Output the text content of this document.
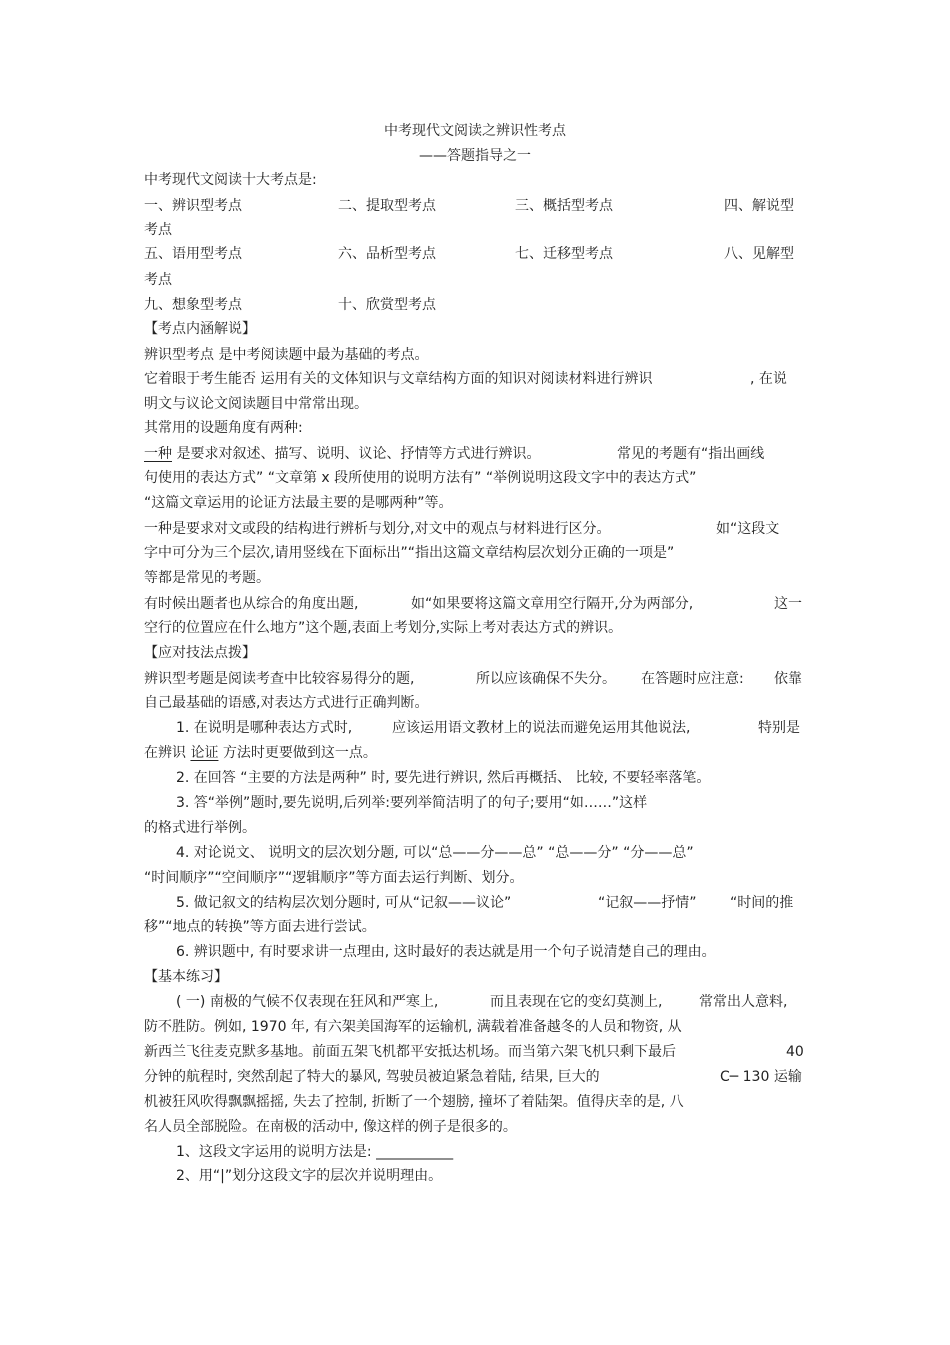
中考现代文阅读之辨识性考点
——答题指导之一
中考现代文阅读十大考点是:
一、辨识型考点	二、提取型考点	三、概括型考点	四、解说型
考点
五、语用型考点	六、品析型考点	七、迁移型考点	八、见解型
考点
九、想象型考点	十、欣赏型考点
【考点内涵解说】
辨识型考点 是中考阅读题中最为基础的考点。
它着眼于考生能否 运用有关的文体知识与文章结构方面的知识对阅读材料进行辨识	, 在说
明文与议论文阅读题目中常常出现。
其常用的设题角度有两种:
一种 是要求对叙述、描写、说明、议论、抒情等方式进行辨识。	常见的考题有“指出画线
句使用的表达方式” “文章第 x 段所使用的说明方法有” “举例说明这段文字中的表达方式”
“这篇文章运用的论证方法最主要的是哪两种”等。
一种是要求对文或段的结构进行辨析与划分,对文中的观点与材料进行区分。	如“这段文
字中可分为三个层次,请用竖线在下面标出”“指出这篇文章结构层次划分正确的一项是”
等都是常见的考题。
有时候出题者也从综合的角度出题,	如“如果要将这篇文章用空行隔开,分为两部分,	这一
空行的位置应在什么地方”这个题,表面上考划分,实际上考对表达方式的辨识。
【应对技法点拨】
辨识型考题是阅读考查中比较容易得分的题,	所以应该确保不失分。 在答题时应注意: 依靠
自己最基础的语感,对表达方式进行正确判断。
1. 在说明是哪种表达方式时,	应该运用语文教材上的说法而避免运用其他说法,	特别是
在辨识 论证 方法时更要做到这一点。
2. 在回答 “主要的方法是两种” 时, 要先进行辨识, 然后再概括、 比较, 不要轻率落笔。
3. 答“举例”题时,要先说明,后列举:要列举简洁明了的句子;要用“如……”这样
的格式进行举例。
4. 对论说文、 说明文的层次划分题, 可以“总——分——总” “总——分” “分——总”
“时间顺序”“空间顺序”“逻辑顺序”等方面去运行判断、划分。
5. 做记叙文的结构层次划分题时, 可从“记叙——议论”	“记叙——抒情” “时间的推
移”“地点的转换”等方面去进行尝试。
6. 辨识题中, 有时要求讲一点理由, 这时最好的表达就是用一个句子说清楚自己的理由。
【基本练习】
( 一) 南极的气候不仅表现在狂风和严寒上,	而且表现在它的变幻莫测上,	常常出人意料,
防不胜防。例如, 1970 年, 有六架美国海军的运输机, 满载着准备越冬的人员和物资, 从
新西兰飞往麦克默多基地。前面五架飞机都平安抵达机场。而当第六架飞机只剩下最后	40
分钟的航程时, 突然刮起了特大的暴风, 驾驶员被迫紧急着陆, 结果, 巨大的	C─ 130 运输
机被狂风吹得飘飘摇摇, 失去了控制, 折断了一个翅膀, 撞坏了着陆架。值得庆幸的是, 八
名人员全部脱险。在南极的活动中, 像这样的例子是很多的。
1、这段文字运用的说明方法是: ___________
2、用“|”划分这段文字的层次并说明理由。
